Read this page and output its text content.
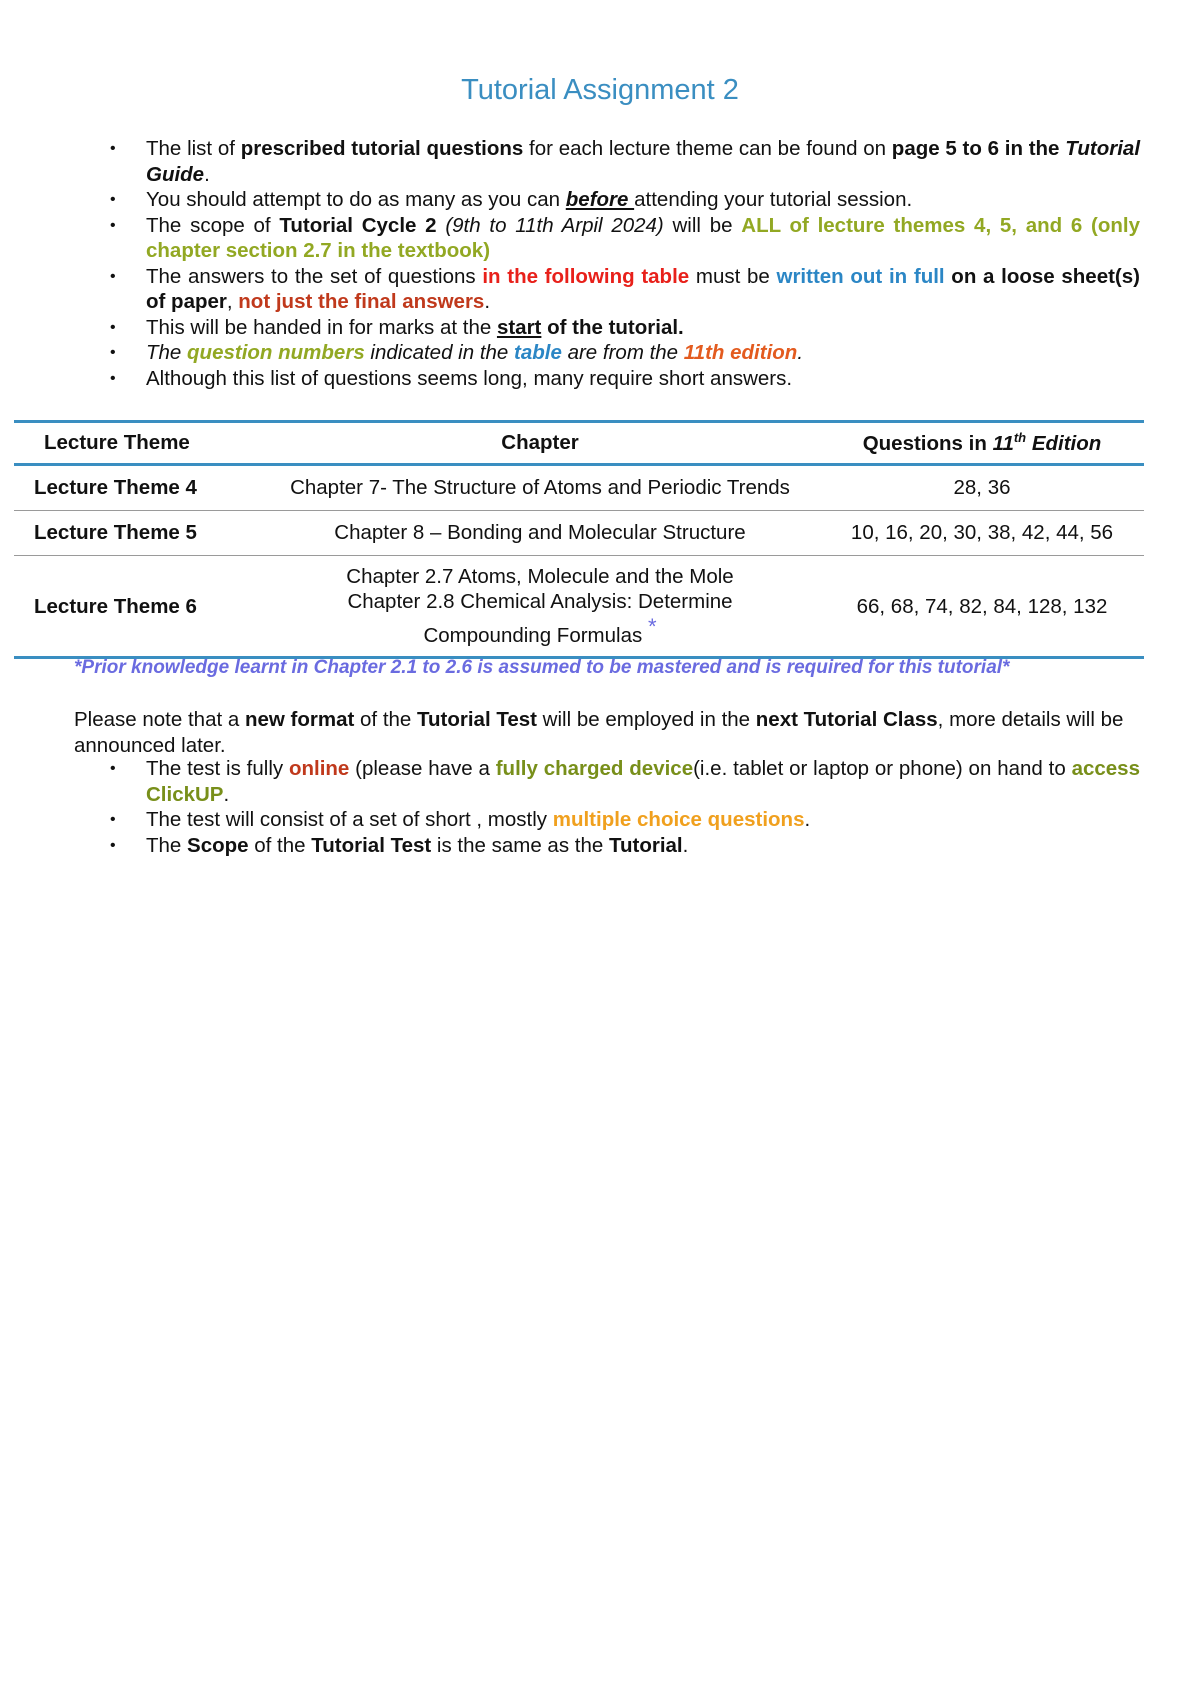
Tutorial Assignment 2
• The list of prescribed tutorial questions for each lecture theme can be found on page 5 to 6 in the Tutorial Guide.
• You should attempt to do as many as you can before attending your tutorial session.
• The scope of Tutorial Cycle 2 (9th to 11th Arpil 2024) will be ALL of lecture themes 4, 5, and 6 (only chapter section 2.7 in the textbook)
• The answers to the set of questions in the following table must be written out in full on a loose sheet(s) of paper, not just the final answers.
• This will be handed in for marks at the start of the tutorial.
• The question numbers indicated in the table are from the 11th edition.
• Although this list of questions seems long, many require short answers.
Lecture Theme	Chapter	Questions in 11th Edition
Lecture Theme 4	Chapter 7- The Structure of Atoms and Periodic Trends	28, 36
Lecture Theme 5	Chapter 8 – Bonding and Molecular Structure	10, 16, 20, 30, 38, 42, 44, 56
Lecture Theme 6	Chapter 2.7 Atoms, Molecule and the Mole
Chapter 2.8 Chemical Analysis: Determine
Compounding Formulas *	66, 68, 74, 82, 84, 128, 132
*Prior knowledge learnt in Chapter 2.1 to 2.6 is assumed to be mastered and is required for this tutorial*
Please note that a new format of the Tutorial Test will be employed in the next Tutorial Class, more details will be announced later.
• The test is fully online (please have a fully charged device(i.e. tablet or laptop or phone) on hand to access ClickUP.
• The test will consist of a set of short , mostly multiple choice questions.
• The Scope of the Tutorial Test is the same as the Tutorial.
